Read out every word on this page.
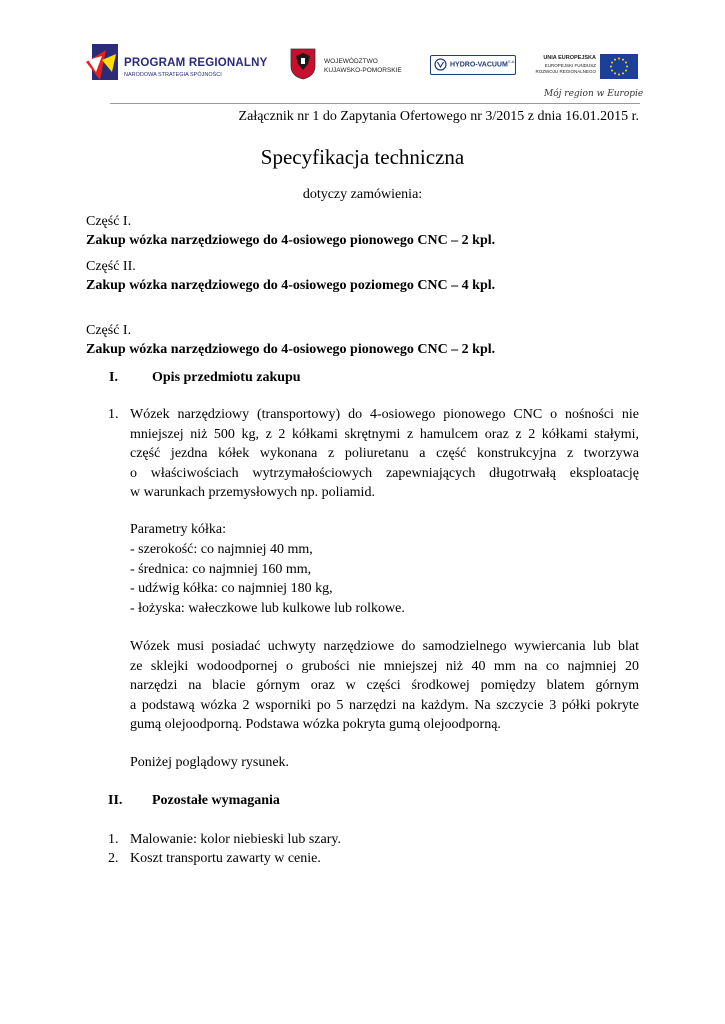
PROGRAM REGIONALNY
NARODOWA STRATEGIA SPÓJNOŚCI
WOJEWÓDZTWO
KUJAWSKO-POMORSKIE
HYDRO-$VACUUM^{S.A.}$
UNIA EUROPEJSKA
EUROPEJSKI FUNDUSZ
ROZWOJU REGIONALNEGO
Mój region w Europie
Załącznik nr 1 do Zapytania Ofertowego nr 3/2015 z dnia 16.01.2015 r.
Specyfikacja techniczna
dotyczy zamówienia:
Część I.
Zakup wózka narzędziowego do 4-osiowego pionowego CNC – 2 kpl.
Część II.
Zakup wózka narzędziowego do 4-osiowego poziomego CNC – 4 kpl.
Część I.
Zakup wózka narzędziowego do 4-osiowego pionowego CNC – 2 kpl.
I. Opis przedmiotu zakupu
1. Wózek narzędziowy (transportowy) do 4-osiowego pionowego CNC o nośności nie
mniejszej niż 500 kg, z 2 kółkami skrętnymi z hamulcem oraz z 2 kółkami stałymi,
część jezdna kółek wykonana z poliuretanu a część konstrukcyjna z tworzywa
o właściwościach wytrzymałościowych zapewniających długotrwałą eksploatację
w warunkach przemysłowych np. poliamid.
Parametry kółka:
- szerokość: co najmniej 40 mm,
- średnica: co najmniej 160 mm,
- udźwig kółka: co najmniej 180 kg,
- łożyska: wałeczkowe lub kulkowe lub rolkowe.
Wózek musi posiadać uchwyty narzędziowe do samodzielnego wywiercania lub blat
ze sklejki wodoodpornej o grubości nie mniejszej niż 40 mm na co najmniej 20
narzędzi na blacie górnym oraz w części środkowej pomiędzy blatem górnym
a podstawą wózka 2 wsporniki po 5 narzędzi na każdym. Na szczycie 3 półki pokryte
gumą olejoodporną. Podstawa wózka pokryta gumą olejoodporną.
Poniżej poglądowy rysunek.
II. Pozostałe wymagania
1. Malowanie: kolor niebieski lub szary.
2. Koszt transportu zawarty w cenie.
